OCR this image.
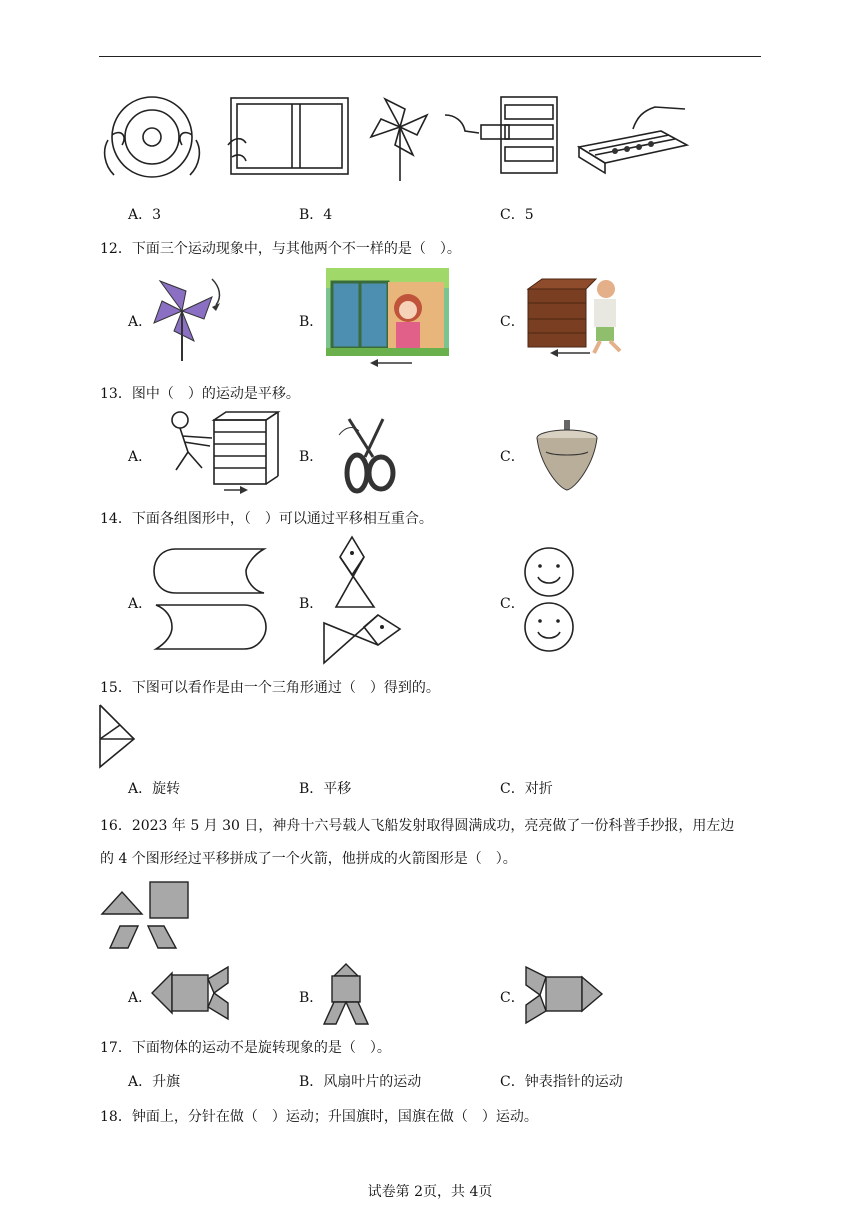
A．3	B．4	C．5
12．下面三个运动现象中，与其他两个不一样的是（　）。
A．	B．	C．
13．图中（　）的运动是平移。
A．	B．	C．
14．下面各组图形中，（　）可以通过平移相互重合。
A．	B．	C．
15．下图可以看作是由一个三角形通过（　）得到的。
A．旋转	B．平移	C．对折
16．2023 年 5 月 30 日，神舟十六号载人飞船发射取得圆满成功，亮亮做了一份科普手抄报，用左边
的 4 个图形经过平移拼成了一个火箭，他拼成的火箭图形是（　）。
A．	B．	C．
17．下面物体的运动不是旋转现象的是（　）。
A．升旗	B．风扇叶片的运动	C．钟表指针的运动
18．钟面上，分针在做（　）运动；升国旗时，国旗在做（　）运动。
试卷第 2页，共 4页
